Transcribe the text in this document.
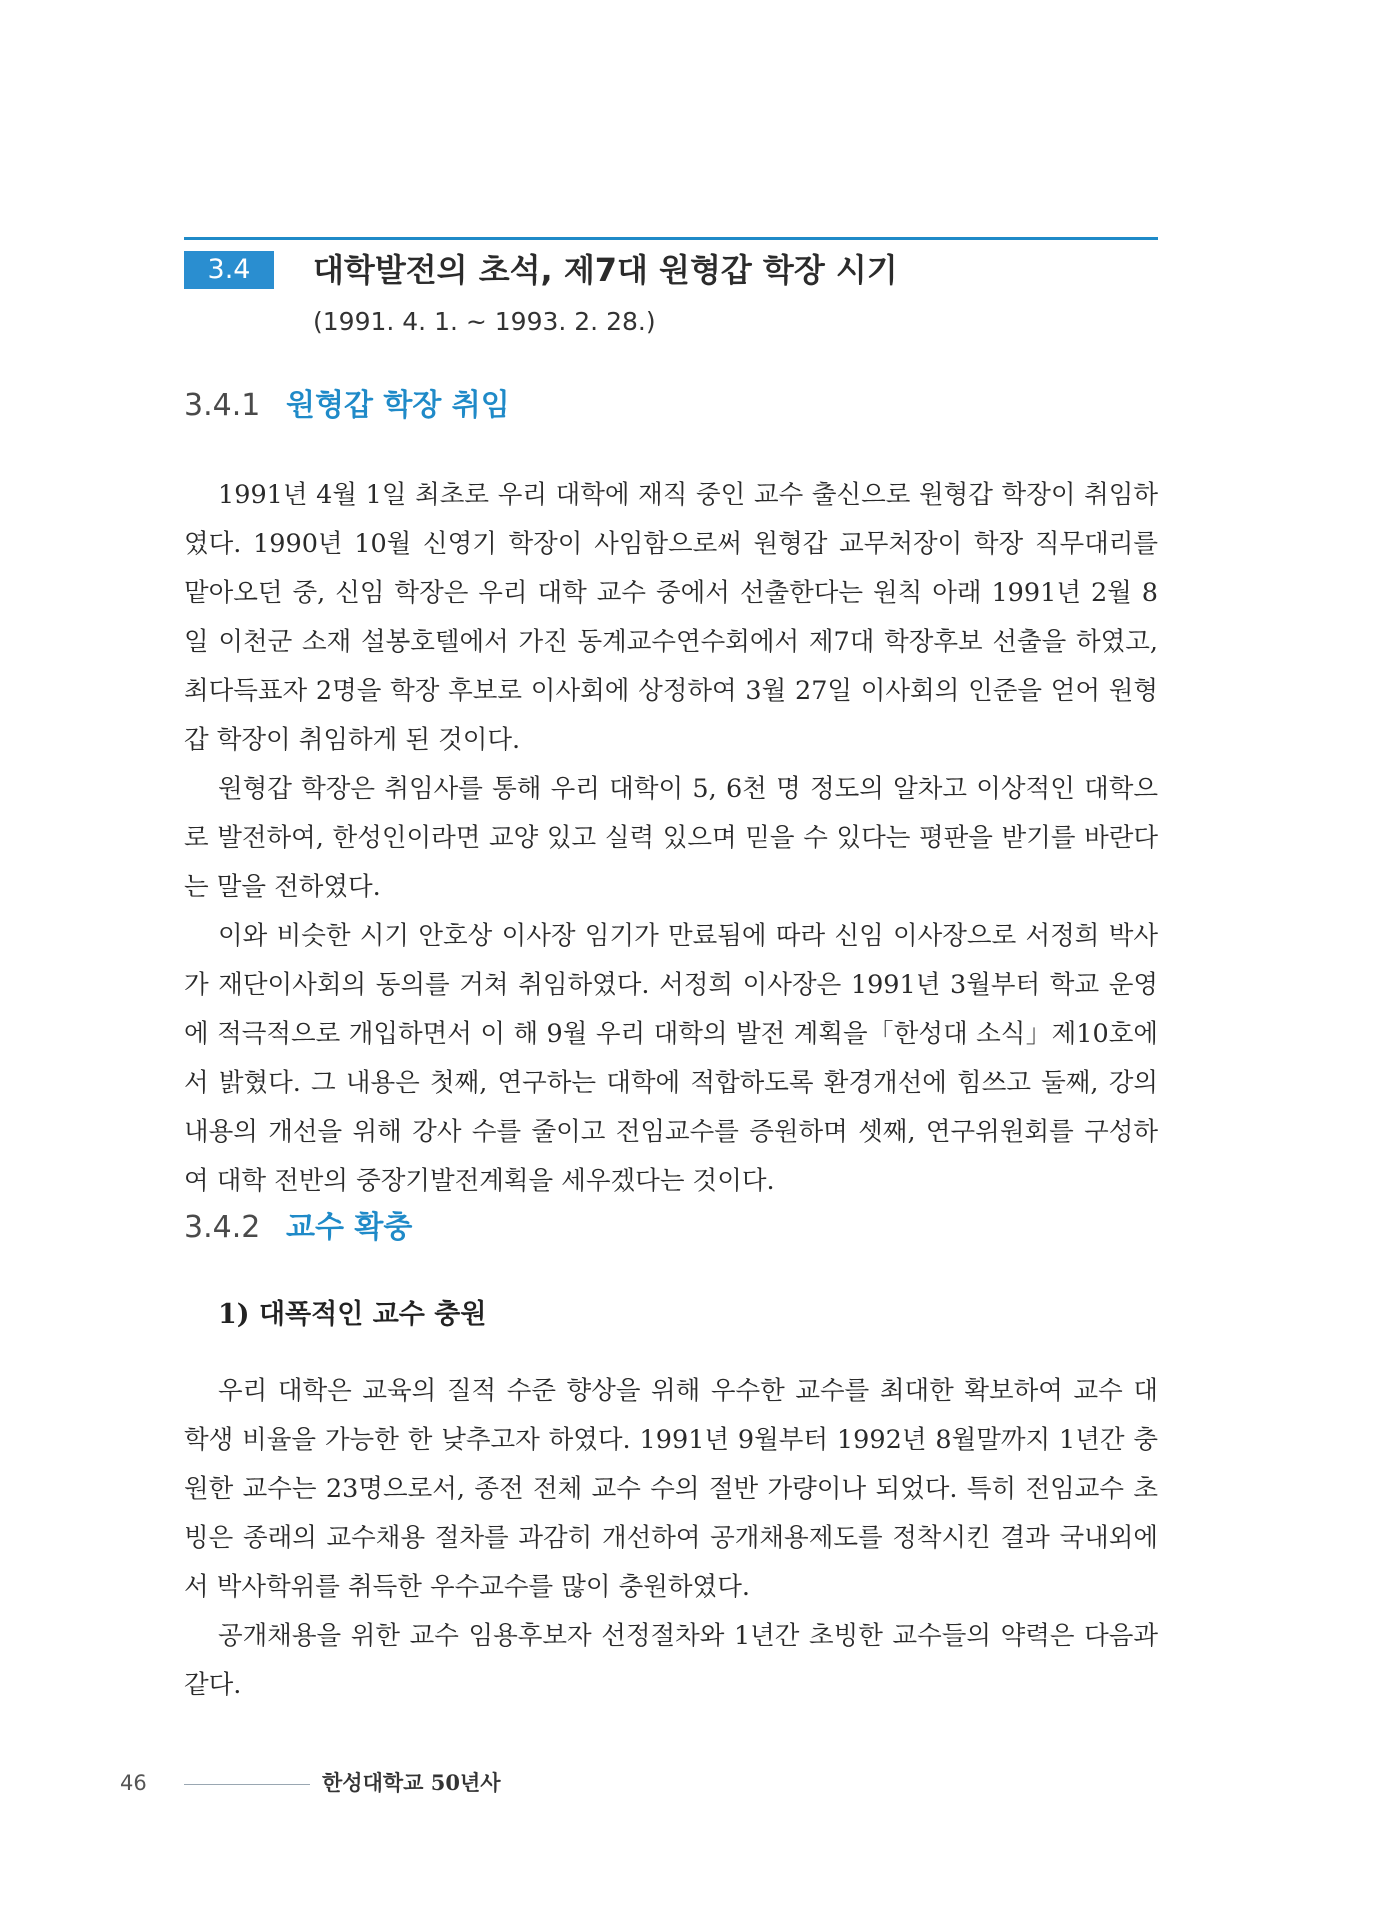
3.4	대학발전의 초석, 제7대 원형갑 학장 시기
(1991. 4. 1. ~ 1993. 2. 28.)
3.4.1 원형갑 학장 취임

1991년 4월 1일 최초로 우리 대학에 재직 중인 교수 출신으로 원형갑 학장이 취임하였다. 1990년 10월 신영기 학장이 사임함으로써 원형갑 교무처장이 학장 직무대리를 맡아오던 중, 신임 학장은 우리 대학 교수 중에서 선출한다는 원칙 아래 1991년 2월 8일 이천군 소재 설봉호텔에서 가진 동계교수연수회에서 제7대 학장후보 선출을 하였고, 최다득표자 2명을 학장 후보로 이사회에 상정하여 3월 27일 이사회의 인준을 얻어 원형갑 학장이 취임하게 된 것이다.

원형갑 학장은 취임사를 통해 우리 대학이 5, 6천 명 정도의 알차고 이상적인 대학으로 발전하여, 한성인이라면 교양 있고 실력 있으며 믿을 수 있다는 평판을 받기를 바란다는 말을 전하였다.

이와 비슷한 시기 안호상 이사장 임기가 만료됨에 따라 신임 이사장으로 서정희 박사가 재단이사회의 동의를 거쳐 취임하였다. 서정희 이사장은 1991년 3월부터 학교 운영에 적극적으로 개입하면서 이 해 9월 우리 대학의 발전 계획을「한성대 소식」제10호에서 밝혔다. 그 내용은 첫째, 연구하는 대학에 적합하도록 환경개선에 힘쓰고 둘째, 강의 내용의 개선을 위해 강사 수를 줄이고 전임교수를 증원하며 셋째, 연구위원회를 구성하여 대학 전반의 중장기발전계획을 세우겠다는 것이다.

3.4.2 교수 확충
1) 대폭적인 교수 충원

우리 대학은 교육의 질적 수준 향상을 위해 우수한 교수를 최대한 확보하여 교수 대 학생 비율을 가능한 한 낮추고자 하였다. 1991년 9월부터 1992년 8월말까지 1년간 충원한 교수는 23명으로서, 종전 전체 교수 수의 절반 가량이나 되었다. 특히 전임교수 초빙은 종래의 교수채용 절차를 과감히 개선하여 공개채용제도를 정착시킨 결과 국내외에서 박사학위를 취득한 우수교수를 많이 충원하였다.

공개채용을 위한 교수 임용후보자 선정절차와 1년간 초빙한 교수들의 약력은 다음과 같다.

46	한성대학교 50년사
